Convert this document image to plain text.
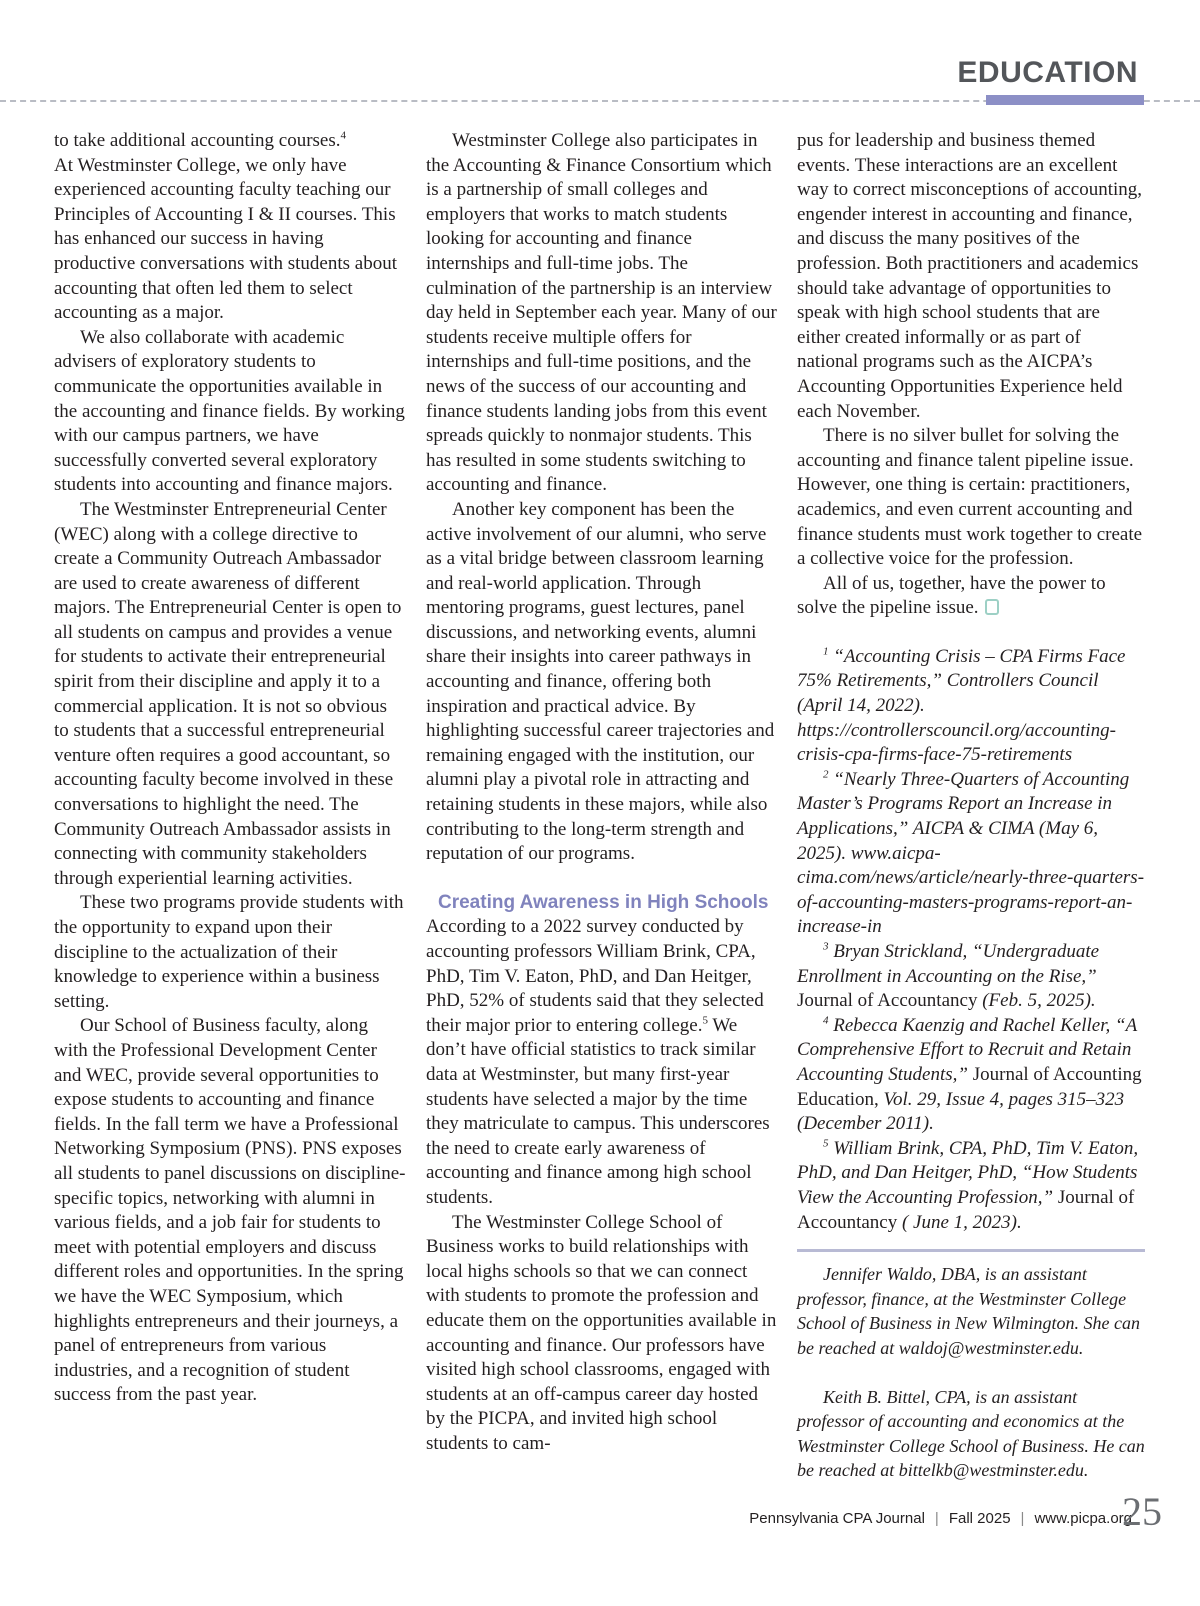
EDUCATION

to take additional accounting courses.$^4$

At Westminster College, we only have experienced accounting faculty teaching our Principles of Accounting I & II courses. This has enhanced our success in having productive conversations with students about accounting that often led them to select accounting as a major.

We also collaborate with academic advisers of exploratory students to communicate the opportunities available in the accounting and finance fields. By working with our campus partners, we have successfully converted several exploratory students into accounting and finance majors.

The Westminster Entrepreneurial Center (WEC) along with a college directive to create a Community Outreach Ambassador are used to create awareness of different majors. The Entrepreneurial Center is open to all students on campus and provides a venue for students to activate their entrepreneurial spirit from their discipline and apply it to a commercial application. It is not so obvious to students that a successful entrepreneurial venture often requires a good accountant, so accounting faculty become involved in these conversations to highlight the need. The Community Outreach Ambassador assists in connecting with community stakeholders through experiential learning activities.

These two programs provide students with the opportunity to expand upon their discipline to the actualization of their knowledge to experience within a business setting.

Our School of Business faculty, along with the Professional Development Center and WEC, provide several opportunities to expose students to accounting and finance fields. In the fall term we have a Professional Networking Symposium (PNS). PNS exposes all students to panel discussions on discipline-specific topics, networking with alumni in various fields, and a job fair for students to meet with potential employers and discuss different roles and opportunities. In the spring we have the WEC Symposium, which highlights entrepreneurs and their journeys, a panel of entrepreneurs from various industries, and a recognition of student success from the past year.

Westminster College also participates in the Accounting & Finance Consortium which is a partnership of small colleges and employers that works to match students looking for accounting and finance internships and full-time jobs. The culmination of the partnership is an interview day held in September each year. Many of our students receive multiple offers for internships and full-time positions, and the news of the success of our accounting and finance students landing jobs from this event spreads quickly to nonmajor students. This has resulted in some students switching to accounting and finance.

Another key component has been the active involvement of our alumni, who serve as a vital bridge between classroom learning and real-world application. Through mentoring programs, guest lectures, panel discussions, and networking events, alumni share their insights into career pathways in accounting and finance, offering both inspiration and practical advice. By highlighting successful career trajectories and remaining engaged with the institution, our alumni play a pivotal role in attracting and retaining students in these majors, while also contributing to the long-term strength and reputation of our programs.

Creating Awareness in High Schools

According to a 2022 survey conducted by accounting professors William Brink, CPA, PhD, Tim V. Eaton, PhD, and Dan Heitger, PhD, 52% of students said that they selected their major prior to entering college.$^5$ We don’t have official statistics to track similar data at Westminster, but many first-year students have selected a major by the time they matriculate to campus. This underscores the need to create early awareness of accounting and finance among high school students.

The Westminster College School of Business works to build relationships with local highs schools so that we can connect with students to promote the profession and educate them on the opportunities available in accounting and finance. Our professors have visited high school classrooms, engaged with students at an off-campus career day hosted by the PICPA, and invited high school students to cam-

pus for leadership and business themed events. These interactions are an excellent way to correct misconceptions of accounting, engender interest in accounting and finance, and discuss the many positives of the profession. Both practitioners and academics should take advantage of opportunities to speak with high school students that are either created informally or as part of national programs such as the AICPA’s Accounting Opportunities Experience held each November.

There is no silver bullet for solving the accounting and finance talent pipeline issue. However, one thing is certain: practitioners, academics, and even current accounting and finance students must work together to create a collective voice for the profession.

All of us, together, have the power to solve the pipeline issue.

$^1$ “Accounting Crisis – CPA Firms Face 75% Retirements,” Controllers Council (April 14, 2022). https://controllerscouncil.org/accounting-crisis-cpa-firms-face-75-retirements

$^2$ “Nearly Three-Quarters of Accounting Master’s Programs Report an Increase in Applications,” AICPA & CIMA (May 6, 2025). www.aicpa-cima.com/news/article/nearly-three-quarters-of-accounting-masters-programs-report-an-increase-in

$^3$ Bryan Strickland, “Undergraduate Enrollment in Accounting on the Rise,” Journal of Accountancy (Feb. 5, 2025).

$^4$ Rebecca Kaenzig and Rachel Keller, “A Comprehensive Effort to Recruit and Retain Accounting Students,” Journal of Accounting Education, Vol. 29, Issue 4, pages 315–323 (December 2011).

$^5$ William Brink, CPA, PhD, Tim V. Eaton, PhD, and Dan Heitger, PhD, “How Students View the Accounting Profession,” Journal of Accountancy ( June 1, 2023).

Jennifer Waldo, DBA, is an assistant professor, finance, at the Westminster College School of Business in New Wilmington. She can be reached at waldoj@westminster.edu.

Keith B. Bittel, CPA, is an assistant professor of accounting and economics at the Westminster College School of Business. He can be reached at bittelkb@westminster.edu.

Pennsylvania CPA Journal | Fall 2025 | www.picpa.org
25
